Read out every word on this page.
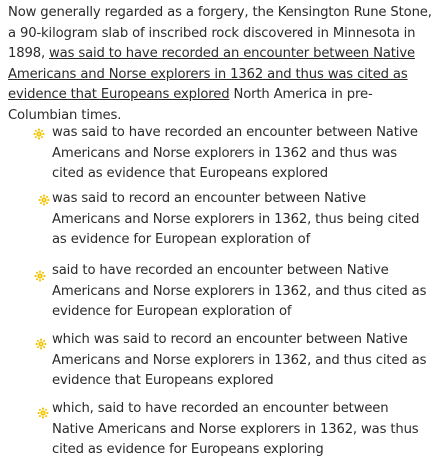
Now generally regarded as a forgery, the Kensington Rune Stone, a 90-kilogram slab of inscribed rock discovered in Minnesota in 1898, was said to have recorded an encounter between Native Americans and Norse explorers in 1362 and thus was cited as evidence that Europeans explored North America in pre-Columbian times.
was said to have recorded an encounter between Native Americans and Norse explorers in 1362 and thus was cited as evidence that Europeans explored
was said to record an encounter between Native Americans and Norse explorers in 1362, thus being cited as evidence for European exploration of
said to have recorded an encounter between Native Americans and Norse explorers in 1362, and thus cited as evidence for European exploration of
which was said to record an encounter between Native Americans and Norse explorers in 1362, and thus cited as evidence that Europeans explored
which, said to have recorded an encounter between Native Americans and Norse explorers in 1362, was thus cited as evidence for Europeans exploring
